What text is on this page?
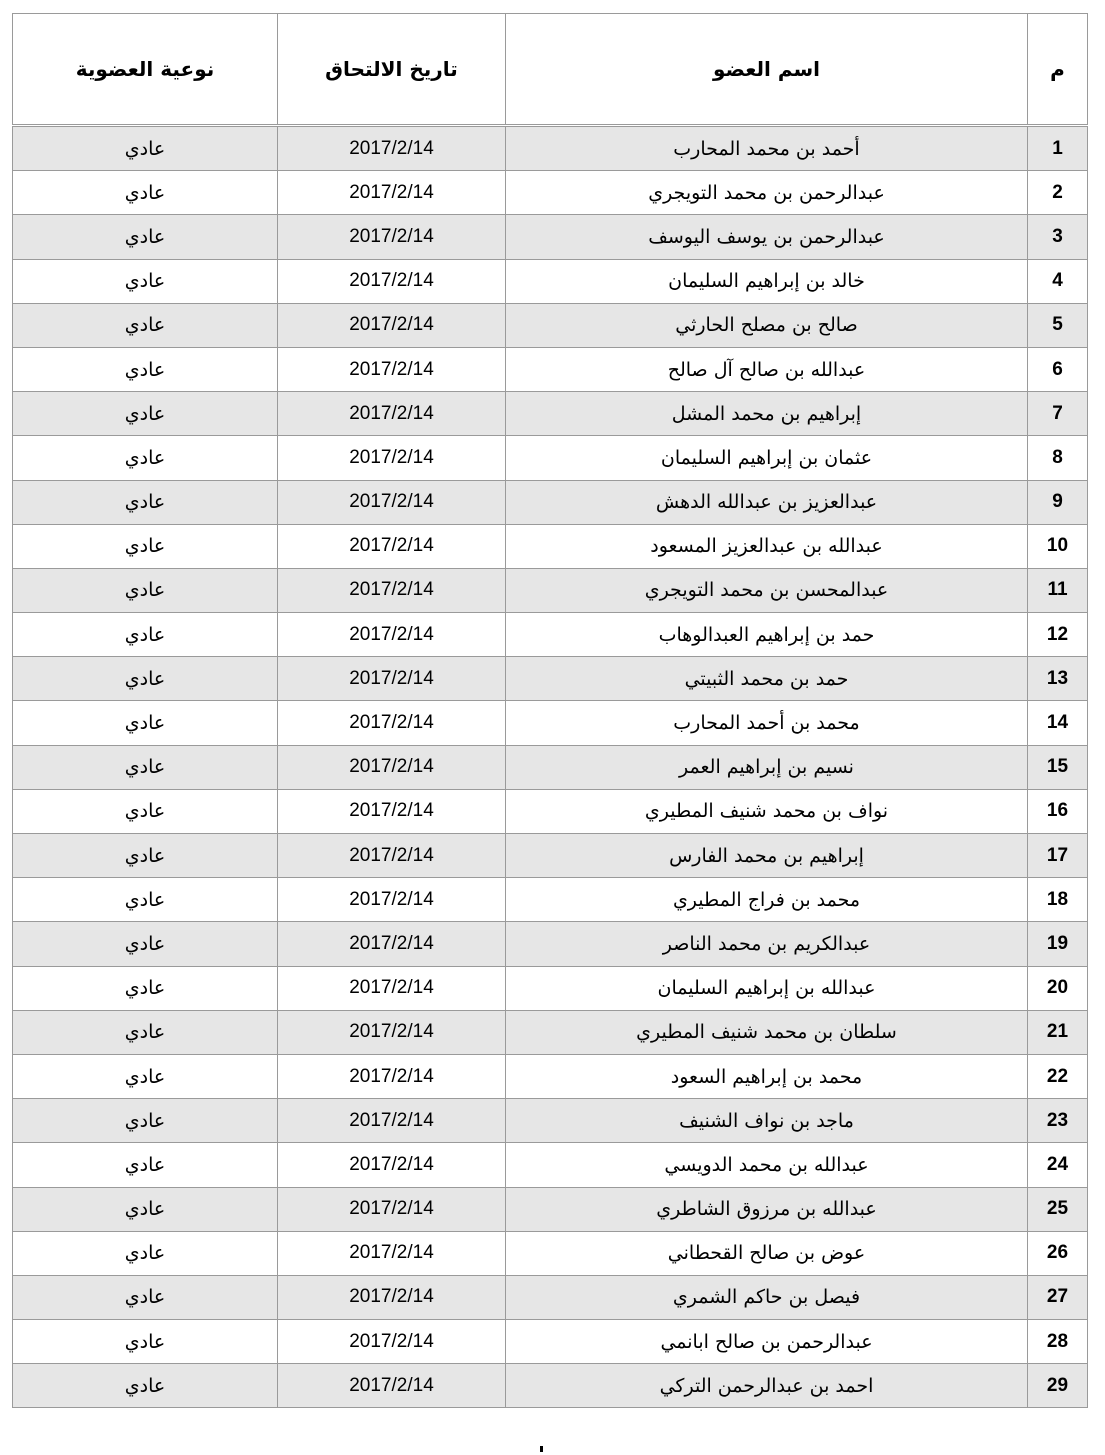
م	اسم العضو	تاريخ الالتحاق	نوعية العضوية
1	أحمد بن محمد المحارب	2017/2/14	عادي
2	عبدالرحمن بن محمد التويجري	2017/2/14	عادي
3	عبدالرحمن بن يوسف اليوسف	2017/2/14	عادي
4	خالد بن إبراهيم السليمان	2017/2/14	عادي
5	صالح بن مصلح الحارثي	2017/2/14	عادي
6	عبدالله بن صالح آل صالح	2017/2/14	عادي
7	إبراهيم بن محمد المشل	2017/2/14	عادي
8	عثمان بن إبراهيم السليمان	2017/2/14	عادي
9	عبدالعزيز بن عبدالله الدهش	2017/2/14	عادي
10	عبدالله بن عبدالعزيز المسعود	2017/2/14	عادي
11	عبدالمحسن بن محمد التويجري	2017/2/14	عادي
12	حمد بن إبراهيم العبدالوهاب	2017/2/14	عادي
13	حمد بن محمد الثبيتي	2017/2/14	عادي
14	محمد بن أحمد المحارب	2017/2/14	عادي
15	نسيم بن إبراهيم العمر	2017/2/14	عادي
16	نواف بن محمد شنيف المطيري	2017/2/14	عادي
17	إبراهيم بن محمد الفارس	2017/2/14	عادي
18	محمد بن فراج المطيري	2017/2/14	عادي
19	عبدالكريم بن محمد الناصر	2017/2/14	عادي
20	عبدالله بن إبراهيم السليمان	2017/2/14	عادي
21	سلطان بن محمد شنيف المطيري	2017/2/14	عادي
22	محمد بن إبراهيم السعود	2017/2/14	عادي
23	ماجد بن نواف الشنيف	2017/2/14	عادي
24	عبدالله بن محمد الدويسي	2017/2/14	عادي
25	عبدالله بن مرزوق الشاطري	2017/2/14	عادي
26	عوض بن صالح القحطاني	2017/2/14	عادي
27	فيصل بن حاكم الشمري	2017/2/14	عادي
28	عبدالرحمن بن صالح ابانمي	2017/2/14	عادي
29	احمد بن عبدالرحمن التركي	2017/2/14	عادي
